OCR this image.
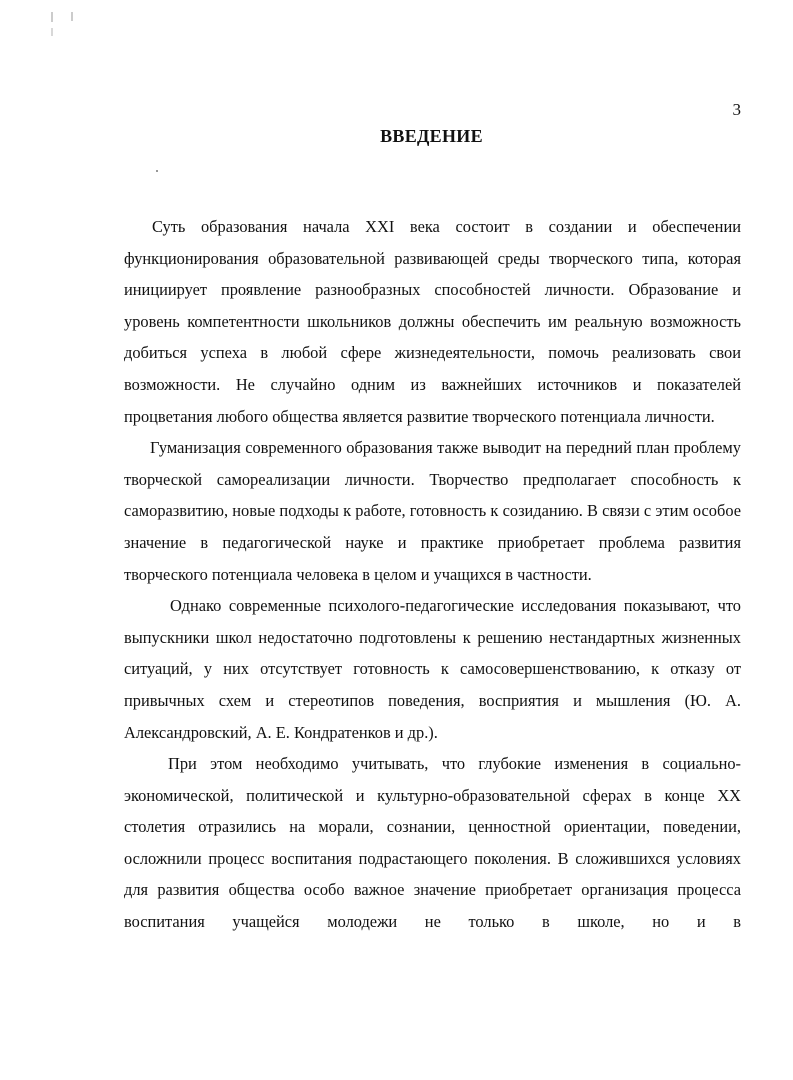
3
ВВЕДЕНИЕ

Суть образования начала XXI века состоит в создании и обеспечении функционирования образовательной развивающей среды творческого типа, которая инициирует проявление разнообразных способностей личности. Образование и уровень компетентности школьников должны обеспечить им реальную возможность добиться успеха в любой сфере жизнедеятельности, помочь реализовать свои возможности. Не случайно одним из важнейших источников и показателей процветания любого общества является развитие творческого потенциала личности.

Гуманизация современного образования также выводит на передний план проблему творческой самореализации личности. Творчество предполагает способность к саморазвитию, новые подходы к работе, готовность к созиданию. В связи с этим особое значение в педагогической науке и практике приобретает проблема развития творческого потенциала человека в целом и учащихся в частности.

Однако современные психолого-педагогические исследования показывают, что выпускники школ недостаточно подготовлены к решению нестандартных жизненных ситуаций, у них отсутствует готовность к самосовершенствованию, к отказу от привычных схем и стереотипов поведения, восприятия и мышления (Ю. А. Александровский, А. Е. Кондратенков и др.).

При этом необходимо учитывать, что глубокие изменения в социально-экономической, политической и культурно-образовательной сферах в конце XX столетия отразились на морали, сознании, ценностной ориентации, поведении, осложнили процесс воспитания подрастающего поколения. В сложившихся условиях для развития общества особо важное значение приобретает организация процесса воспитания учащейся молодежи не только в школе, но и в
